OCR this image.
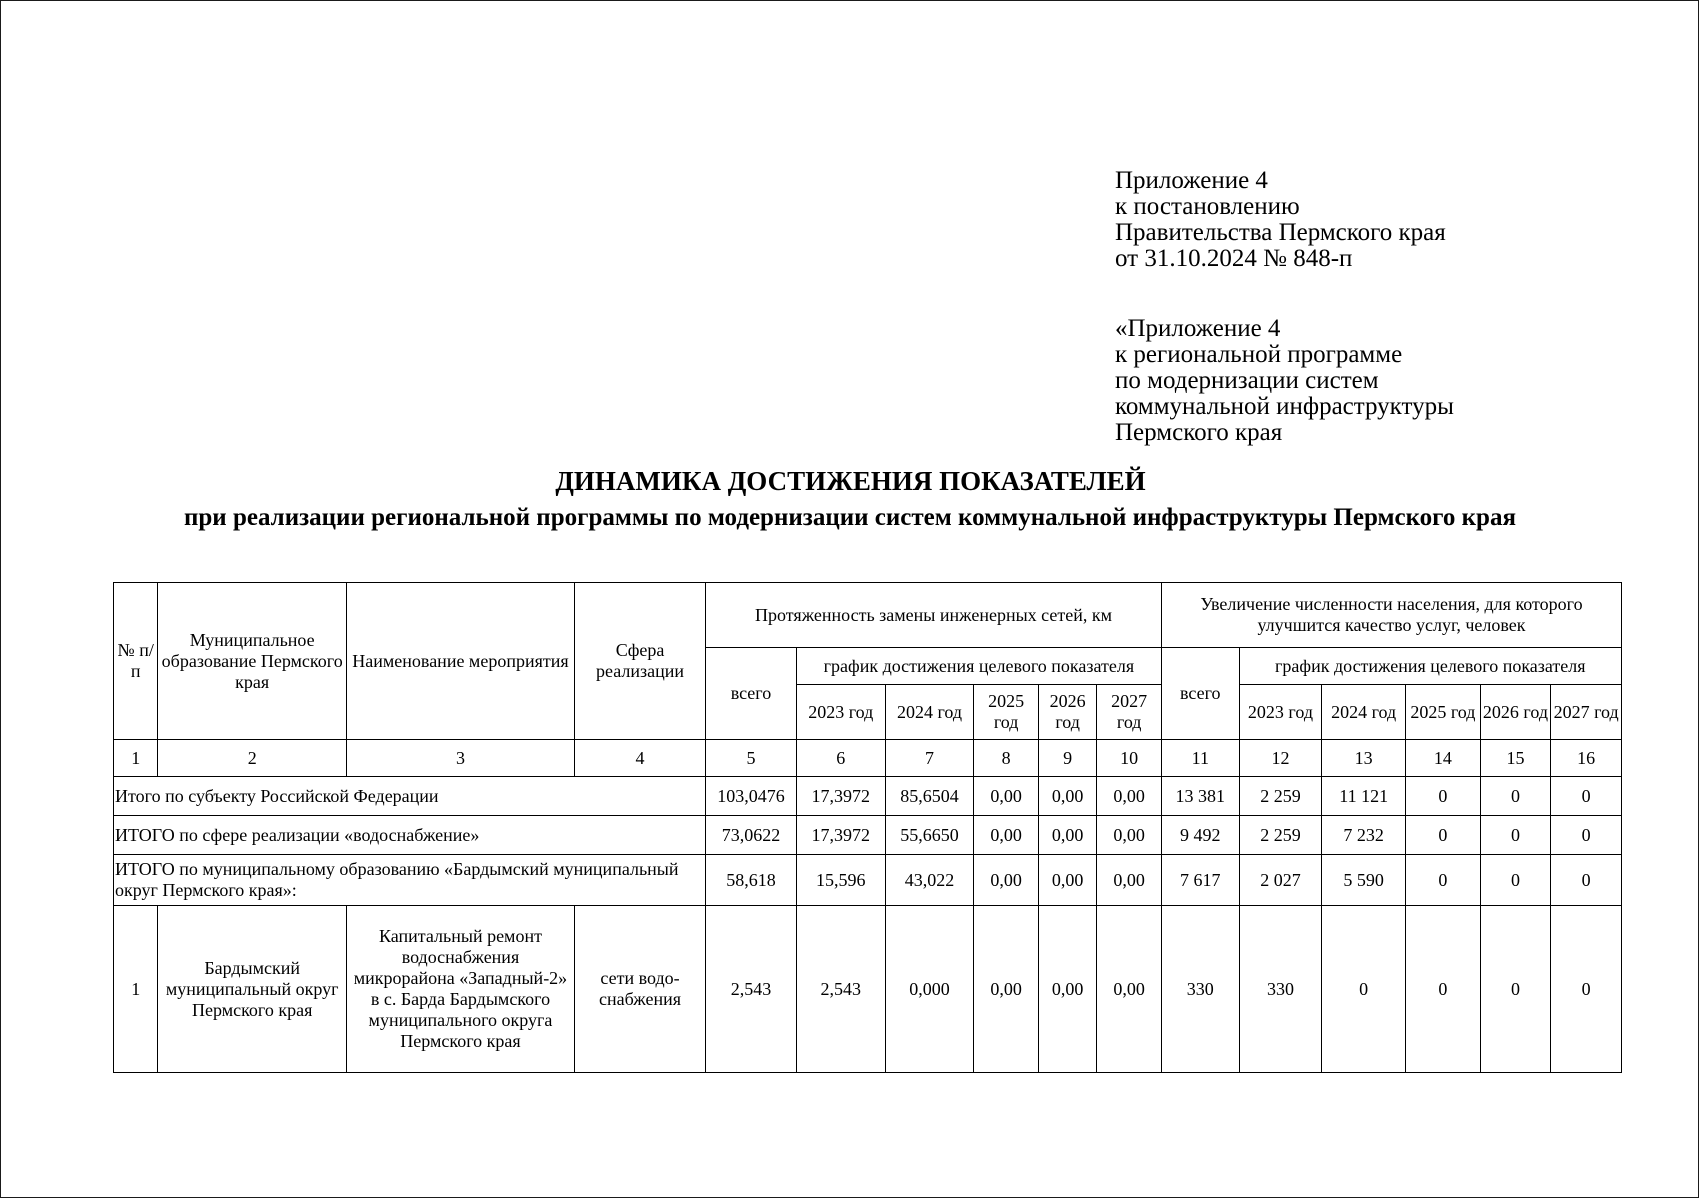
Приложение 4
к постановлению
Правительства Пермского края
от 31.10.2024 № 848-п
«Приложение 4
к региональной программе
по модернизации систем
коммунальной инфраструктуры
Пермского края
ДИНАМИКА ДОСТИЖЕНИЯ ПОКАЗАТЕЛЕЙ
при реализации региональной программы по модернизации систем коммунальной инфраструктуры Пермского края
№ п/п	Муниципальное образование Пермского края	Наименование мероприятия	Сфера реализации	Протяженность замены инженерных сетей, км						Увеличение численности населения, для которого улучшится качество услуг, человек					
				всего	график достижения целевого показателя					всего	график достижения целевого показателя				
					2023 год	2024 год	2025 год	2026 год	2027 год		2023 год	2024 год	2025 год	2026 год	2027 год
1	2	3	4	5	6	7	8	9	10	11	12	13	14	15	16
Итого по субъекту Российской Федерации				103,0476	17,3972	85,6504	0,00	0,00	0,00	13 381	2 259	11 121	0	0	0
ИТОГО по сфере реализации «водоснабжение»				73,0622	17,3972	55,6650	0,00	0,00	0,00	9 492	2 259	7 232	0	0	0
ИТОГО по муниципальному образованию «Бардымский муниципальный округ Пермского края»:				58,618	15,596	43,022	0,00	0,00	0,00	7 617	2 027	5 590	0	0	0
1	Бардымский муниципальный округ Пермского края	Капитальный ремонт водоснабжения микрорайона «Западный-2» в с. Барда Бардымского муниципального округа Пермского края	сети водо-снабжения	2,543	2,543	0,000	0,00	0,00	0,00	330	330	0	0	0	0
